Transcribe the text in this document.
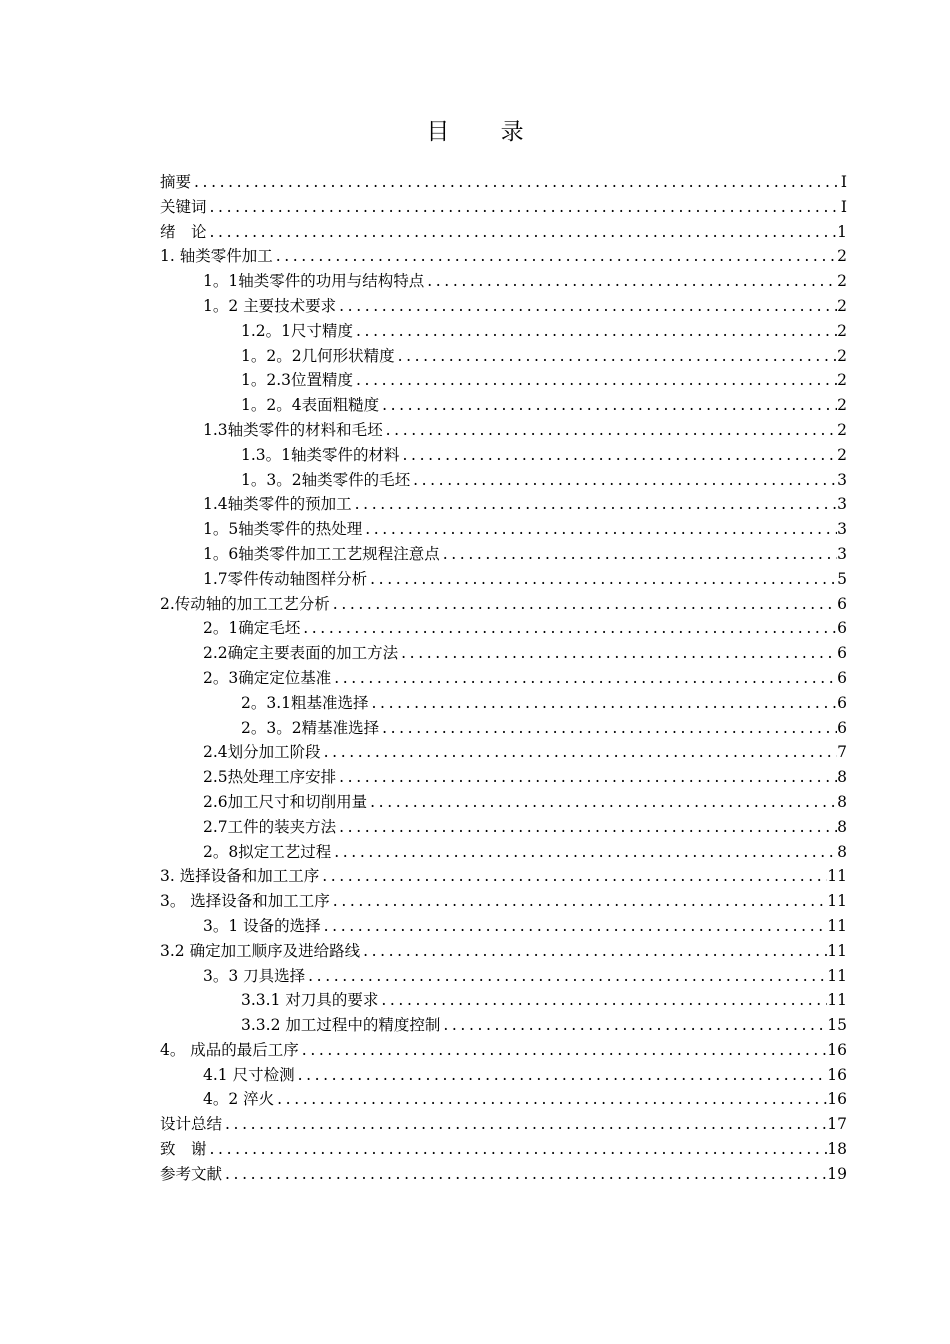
目 录
摘要 .....	I
关键词 .....	I
绪　论 .....	1
1. 轴类零件加工 .....	2
1。1轴类零件的功用与结构特点 .....	2
1。2 主要技术要求 .....	2
1.2。1尺寸精度 .....	2
1。2。2几何形状精度 .....	2
1。2.3位置精度 .....	2
1。2。4表面粗糙度 .....	2
1.3轴类零件的材料和毛坯 .....	2
1.3。1轴类零件的材料 .....	2
1。3。2轴类零件的毛坯 .....	3
1.4轴类零件的预加工 .....	3
1。5轴类零件的热处理 .....	3
1。6轴类零件加工工艺规程注意点 .....	3
1.7零件传动轴图样分析 .....	5
2.传动轴的加工工艺分析 .....	6
2。1确定毛坯 .....	6
2.2确定主要表面的加工方法 .....	6
2。3确定定位基准 .....	6
2。3.1粗基准选择 .....	6
2。3。2精基准选择 .....	6
2.4划分加工阶段 .....	7
2.5热处理工序安排 .....	8
2.6加工尺寸和切削用量 .....	8
2.7工件的装夹方法 .....	8
2。8拟定工艺过程 .....	8
3. 选择设备和加工工序 .....	11
3。 选择设备和加工工序 .....	11
3。1 设备的选择 .....	11
3.2 确定加工顺序及进给路线 .....	11
3。3 刀具选择 .....	11
3.3.1 对刀具的要求 .....	11
3.3.2 加工过程中的精度控制 .....	15
4。 成品的最后工序 .....	16
4.1 尺寸检测 .....	16
4。2 淬火 .....	16
设计总结 .....	17
致　谢 .....	18
参考文献 .....	19
